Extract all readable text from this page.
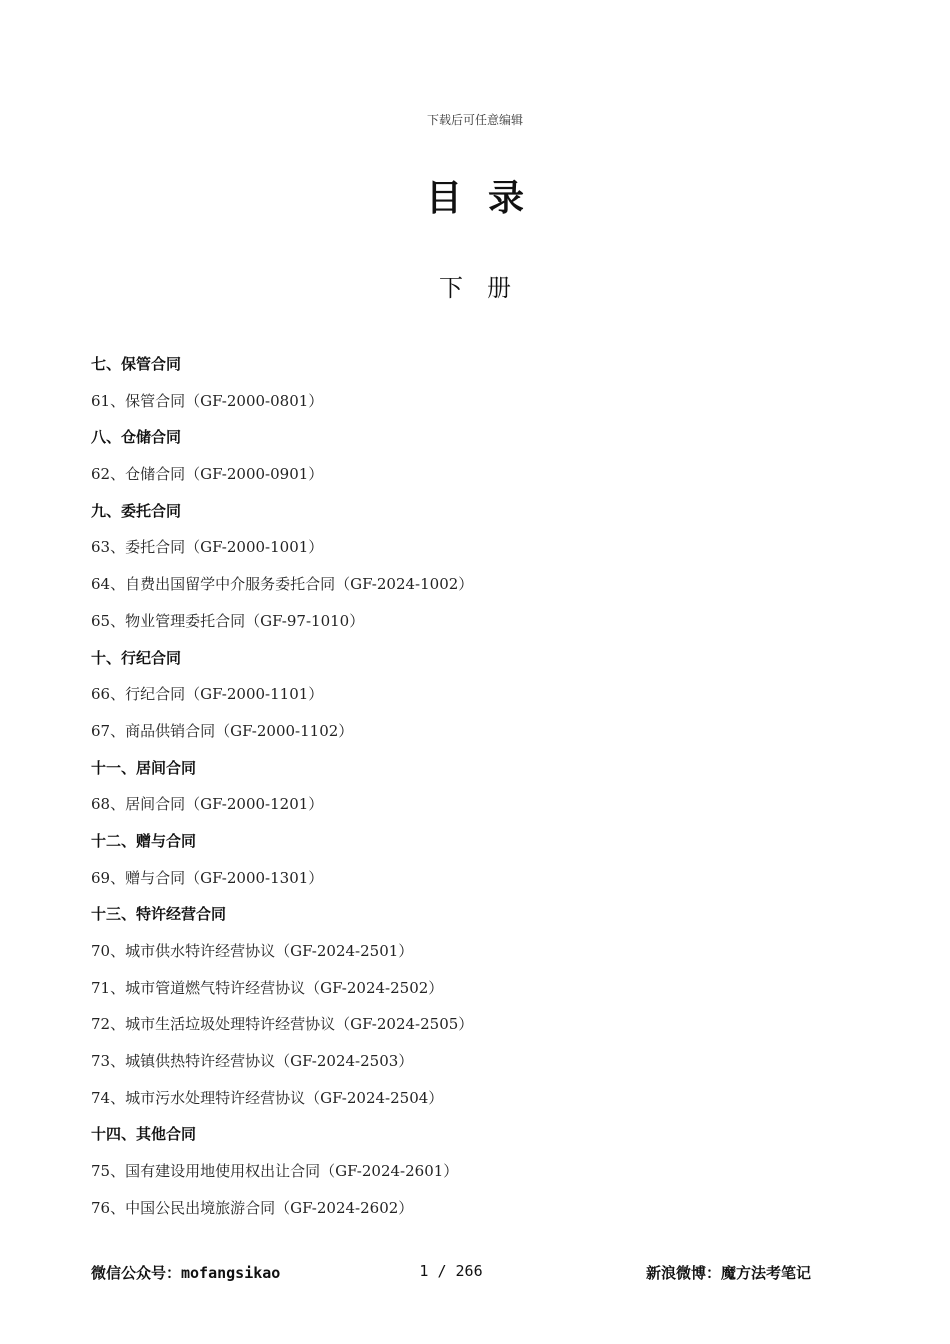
下载后可任意编辑
目录
下册
七、保管合同
61、保管合同（GF-2000-0801）
八、仓储合同
62、仓储合同（GF-2000-0901）
九、委托合同
63、委托合同（GF-2000-1001）
64、自费出国留学中介服务委托合同（GF-2024-1002）
65、物业管理委托合同（GF-97-1010）
十、行纪合同
66、行纪合同（GF-2000-1101）
67、商品供销合同（GF-2000-1102）
十一、居间合同
68、居间合同（GF-2000-1201）
十二、赠与合同
69、赠与合同（GF-2000-1301）
十三、特许经营合同
70、城市供水特许经营协议（GF-2024-2501）
71、城市管道燃气特许经营协议（GF-2024-2502）
72、城市生活垃圾处理特许经营协议（GF-2024-2505）
73、城镇供热特许经营协议（GF-2024-2503）
74、城市污水处理特许经营协议（GF-2024-2504）
十四、其他合同
75、国有建设用地使用权出让合同（GF-2024-2601）
76、中国公民出境旅游合同（GF-2024-2602）
微信公众号：mofangsikao	1 / 266	新浪微博：魔方法考笔记
